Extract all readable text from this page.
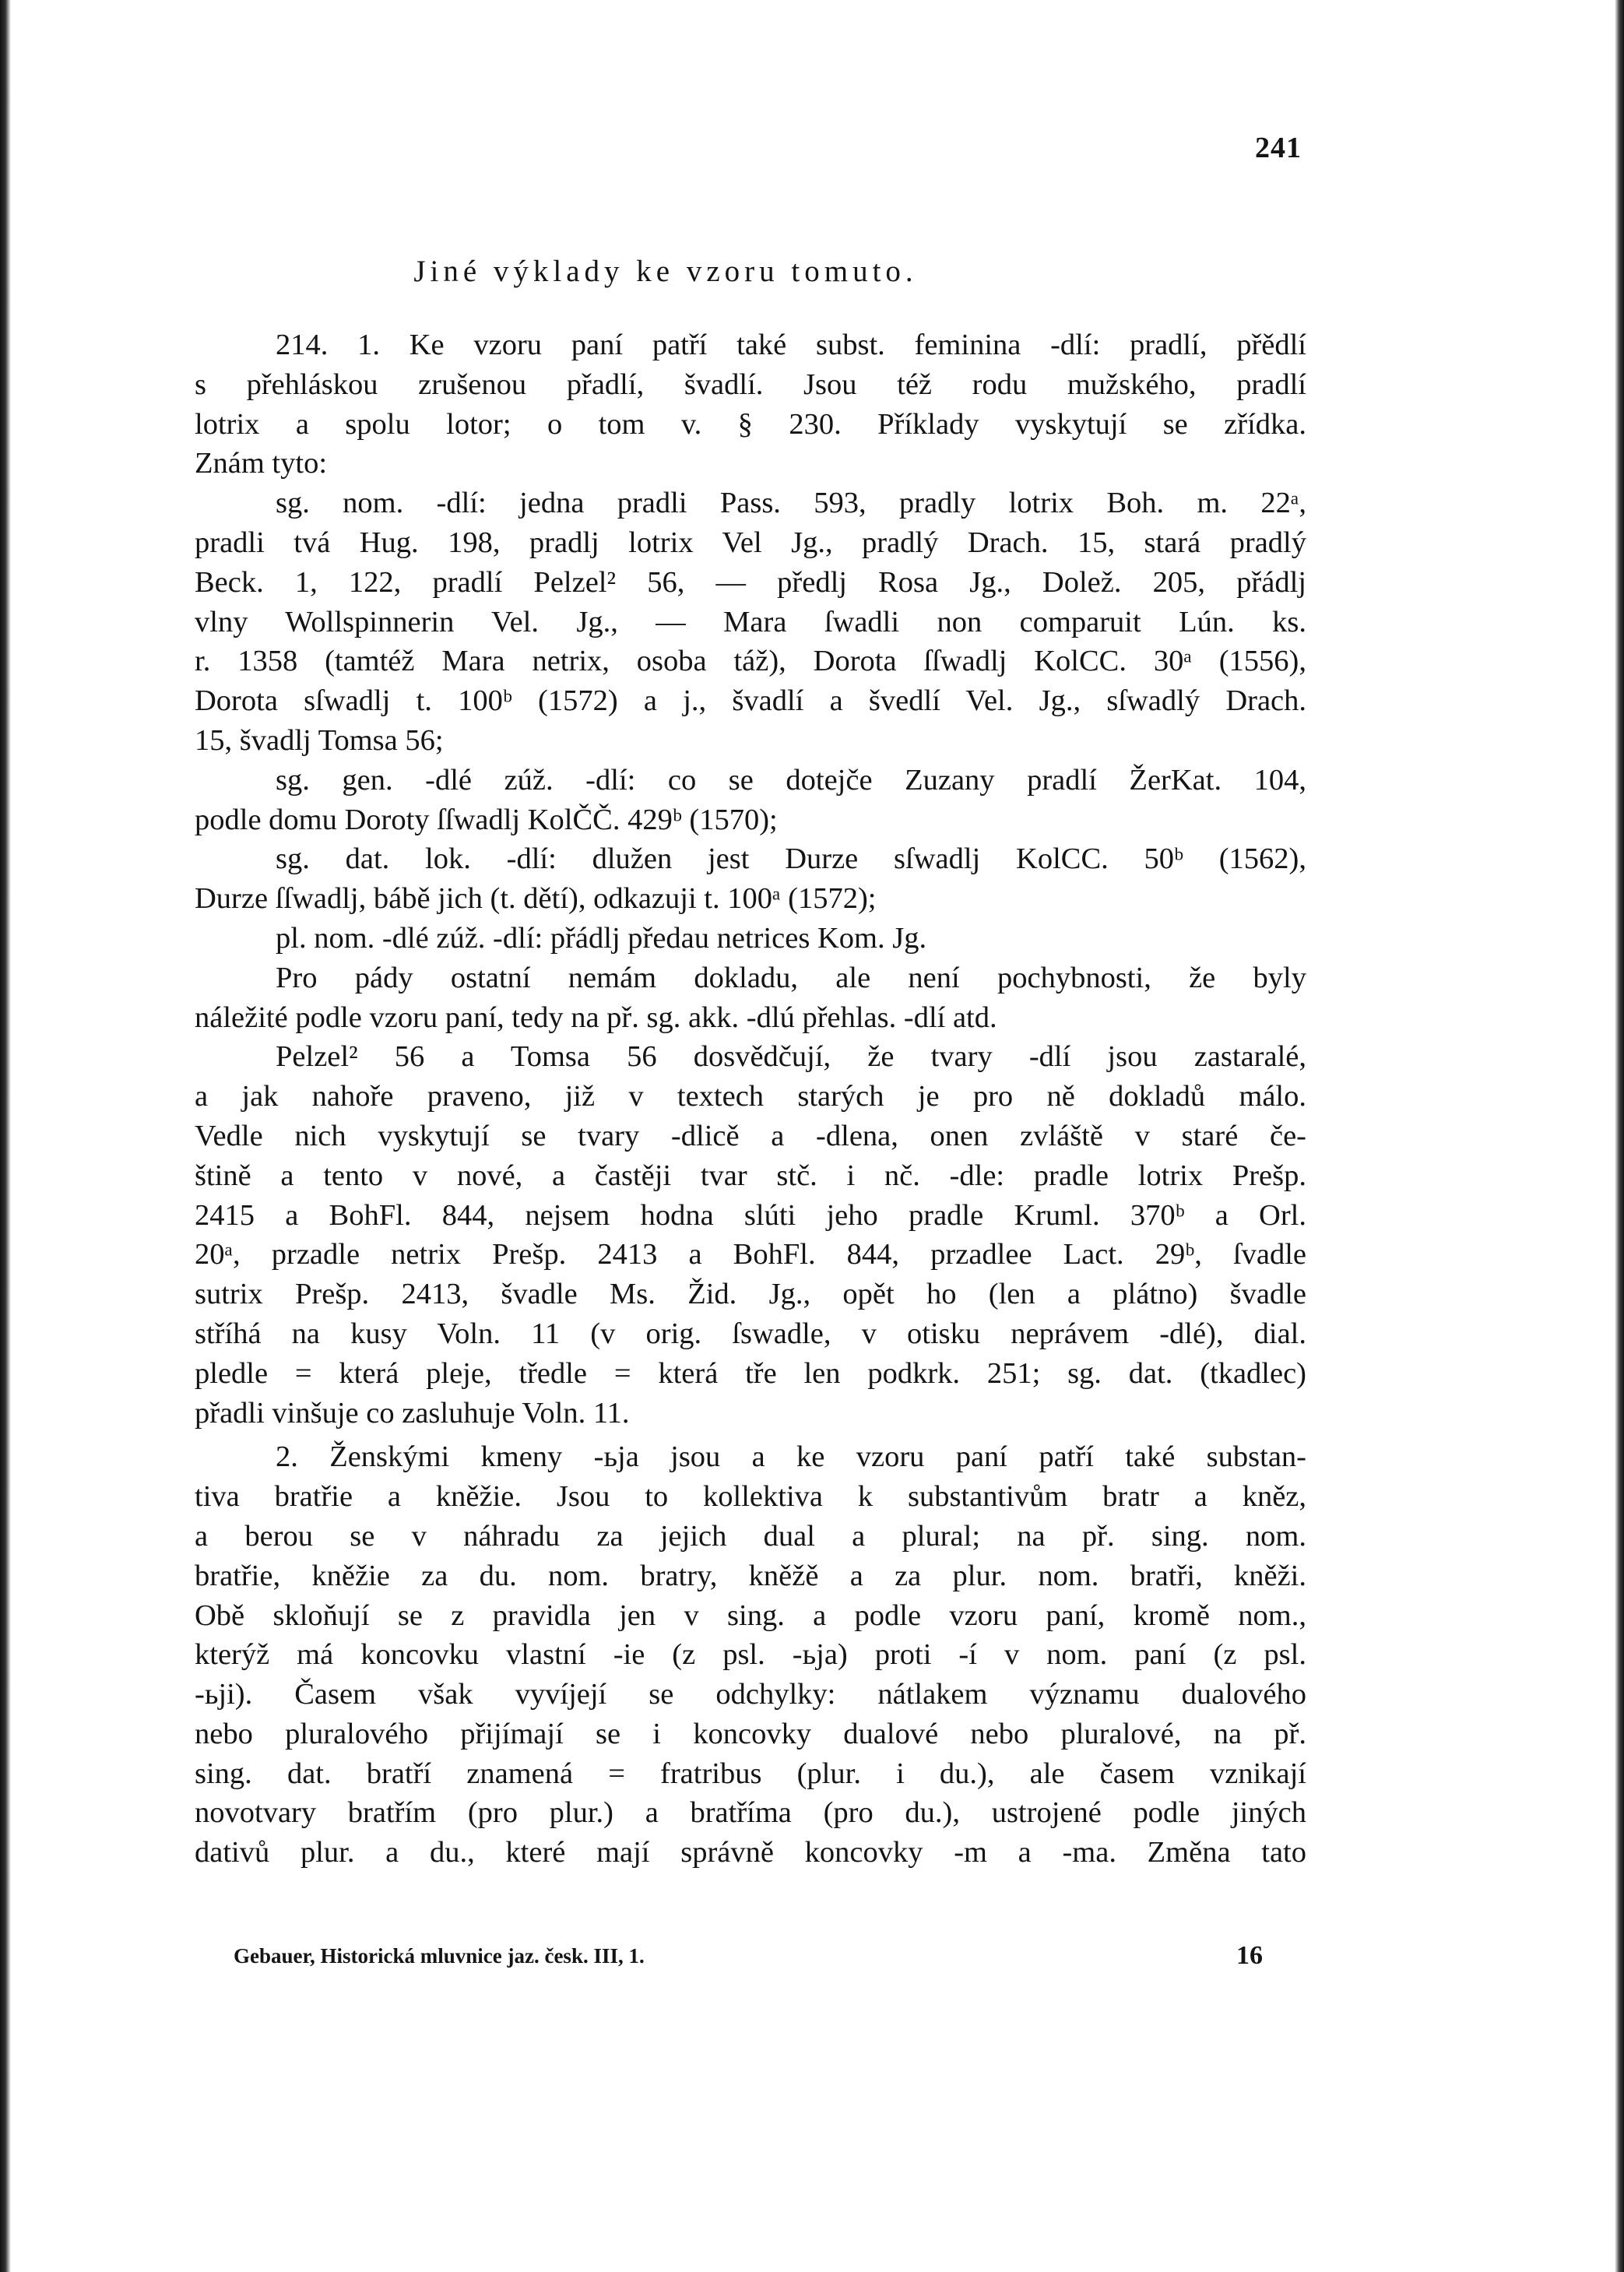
241
Jiné výklady ke vzoru tomuto.
214. 1. Ke vzoru paní patří také subst. feminina -dlí: pradlí, přědlí
s přehláskou zrušenou přadlí, švadlí. Jsou též rodu mužského, pradlí
lotrix a spolu lotor; o tom v. § 230. Příklady vyskytují se zřídka.
Znám tyto:
sg. nom. -dlí: jedna pradli Pass. 593, pradly lotrix Boh. m. 22ᵃ,
pradli tvá Hug. 198, pradlj lotrix Vel Jg., pradlý Drach. 15, stará pradlý
Beck. 1, 122, pradlí Pelzel² 56, — předlj Rosa Jg., Dolež. 205, přádlj
vlny Wollspinnerin Vel. Jg., — Mara ſwadli non comparuit Lún. ks.
r. 1358 (tamtéž Mara netrix, osoba táž), Dorota ſſwadlj KolCC. 30ᵃ (1556),
Dorota sſwadlj t. 100ᵇ (1572) a j., švadlí a švedlí Vel. Jg., sſwadlý Drach.
15, švadlj Tomsa 56;
sg. gen. -dlé zúž. -dlí: co se dotejče Zuzany pradlí ŽerKat. 104,
podle domu Doroty ſſwadlj KolČČ. 429ᵇ (1570);
sg. dat. lok. -dlí: dlužen jest Durze sſwadlj KolCC. 50ᵇ (1562),
Durze ſſwadlj, bábě jich (t. dětí), odkazuji t. 100ᵃ (1572);
pl. nom. -dlé zúž. -dlí: přádlj předau netrices Kom. Jg.
Pro pády ostatní nemám dokladu, ale není pochybnosti, že byly
náležité podle vzoru paní, tedy na př. sg. akk. -dlú přehlas. -dlí atd.
Pelzel² 56 a Tomsa 56 dosvědčují, že tvary -dlí jsou zastaralé,
a jak nahoře praveno, již v textech starých je pro ně dokladů málo.
Vedle nich vyskytují se tvary -dlicě a -dlena, onen zvláště v staré če-
štině a tento v nové, a častěji tvar stč. i nč. -dle: pradle lotrix Prešp.
2415 a BohFl. 844, nejsem hodna slúti jeho pradle Kruml. 370ᵇ a Orl.
20ᵃ, przadle netrix Prešp. 2413 a BohFl. 844, przadlee Lact. 29ᵇ, ſvadle
sutrix Prešp. 2413, švadle Ms. Žid. Jg., opět ho (len a plátno) švadle
stříhá na kusy Voln. 11 (v orig. ſswadle, v otisku neprávem -dlé), dial.
pledle = která pleje, tředle = která tře len podkrk. 251; sg. dat. (tkadlec)
přadli vinšuje co zasluhuje Voln. 11.
2. Ženskými kmeny -ьja jsou a ke vzoru paní patří také substan-
tiva bratřie a kněžie. Jsou to kollektiva k substantivům bratr a kněz,
a berou se v náhradu za jejich dual a plural; na př. sing. nom.
bratřie, kněžie za du. nom. bratry, kněžě a za plur. nom. bratři, kněži.
Obě skloňují se z pravidla jen v sing. a podle vzoru paní, kromě nom.,
kterýž má koncovku vlastní -ie (z psl. -ьja) proti -í v nom. paní (z psl.
-ьji). Časem však vyvíjejí se odchylky: nátlakem významu dualového
nebo pluralového přijímají se i koncovky dualové nebo pluralové, na př.
sing. dat. bratří znamená = fratribus (plur. i du.), ale časem vznikají
novotvary bratřím (pro plur.) a bratříma (pro du.), ustrojené podle jiných
dativů plur. a du., které mají správně koncovky -m a -ma. Změna tato
Gebauer, Historická mluvnice jaz. česk. III, 1.	16
